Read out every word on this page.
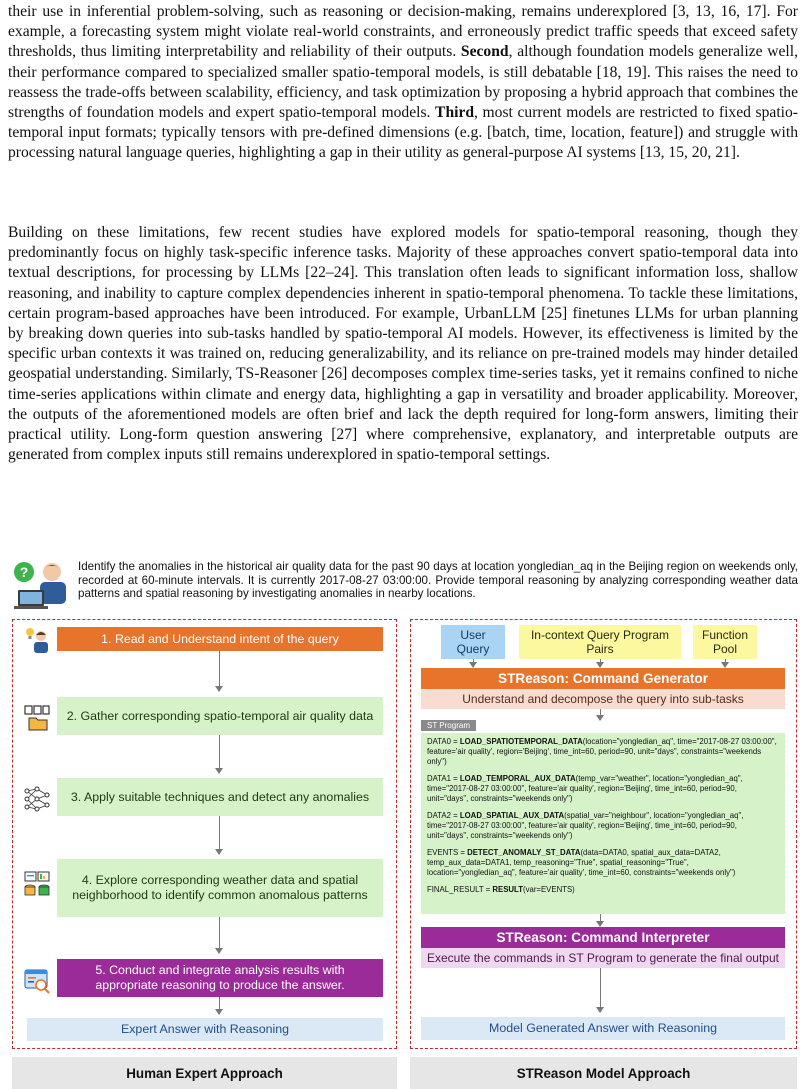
their use in inferential problem-solving, such as reasoning or decision-making, remains underexplored [3, 13, 16, 17]. For example, a forecasting system might violate real-world constraints, and erroneously predict traffic speeds that exceed safety thresholds, thus limiting interpretability and reliability of their outputs. Second, although foundation models generalize well, their performance compared to specialized smaller spatio-temporal models, is still debatable [18, 19]. This raises the need to reassess the trade-offs between scalability, efficiency, and task optimization by proposing a hybrid approach that combines the strengths of foundation models and expert spatio-temporal models. Third, most current models are restricted to fixed spatio-temporal input formats; typically tensors with pre-defined dimensions (e.g. [batch, time, location, feature]) and struggle with processing natural language queries, highlighting a gap in their utility as general-purpose AI systems [13, 15, 20, 21].
Building on these limitations, few recent studies have explored models for spatio-temporal reasoning, though they predominantly focus on highly task-specific inference tasks. Majority of these approaches convert spatio-temporal data into textual descriptions, for processing by LLMs [22–24]. This translation often leads to significant information loss, shallow reasoning, and inability to capture complex dependencies inherent in spatio-temporal phenomena. To tackle these limitations, certain program-based approaches have been introduced. For example, UrbanLLM [25] finetunes LLMs for urban planning by breaking down queries into sub-tasks handled by spatio-temporal AI models. However, its effectiveness is limited by the specific urban contexts it was trained on, reducing generalizability, and its reliance on pre-trained models may hinder detailed geospatial understanding. Similarly, TS-Reasoner [26] decomposes complex time-series tasks, yet it remains confined to niche time-series applications within climate and energy data, highlighting a gap in versatility and broader applicability. Moreover, the outputs of the aforementioned models are often brief and lack the depth required for long-form answers, limiting their practical utility. Long-form question answering [27] where comprehensive, explanatory, and interpretable outputs are generated from complex inputs still remains underexplored in spatio-temporal settings.
?	Identify the anomalies in the historical air quality data for the past 90 days at location yongledian_aq in the Beijing region on weekends only, recorded at 60-minute intervals. It is currently 2017-08-27 03:00:00. Provide temporal reasoning by analyzing corresponding weather data patterns and spatial reasoning by investigating anomalies in nearby locations.
1. Read and Understand intent of the query
2. Gather corresponding spatio-temporal air quality data
3. Apply suitable techniques and detect any anomalies
4. Explore corresponding weather data and spatial neighborhood to identify common anomalous patterns
5. Conduct and integrate analysis results with appropriate reasoning to produce the answer.
Expert Answer with Reasoning
User Query
In-context Query Program Pairs
Function Pool
STReason: Command Generator
Understand and decompose the query into sub-tasks
ST Program

DATA0 = LOAD_SPATIOTEMPORAL_DATA(location="yongledian_aq", time="2017-08-27 03:00:00", feature='air quality', region='Beijing', time_int=60, period=90, unit="days", constraints="weekends only")

DATA1 = LOAD_TEMPORAL_AUX_DATA(temp_var="weather", location="yongledian_aq", time="2017-08-27 03:00:00", feature='air quality', region='Beijing', time_int=60, period=90, unit="days", constraints="weekends only")

DATA2 = LOAD_SPATIAL_AUX_DATA(spatial_var="neighbour", location="yongledian_aq", time="2017-08-27 03:00:00", feature='air quality', region='Beijing', time_int=60, period=90, unit="days", constraints="weekends only")

EVENTS = DETECT_ANOMALY_ST_DATA(data=DATA0, spatial_aux_data=DATA2, temp_aux_data=DATA1, temp_reasoning="True", spatial_reasoning="True", location="yongledian_aq", feature='air quality', time_int=60, constraints="weekends only")

FINAL_RESULT = RESULT(var=EVENTS)

STReason: Command Interpreter
Execute the commands in ST Program to generate the final output
Model Generated Answer with Reasoning
Human Expert Approach	STReason Model Approach
